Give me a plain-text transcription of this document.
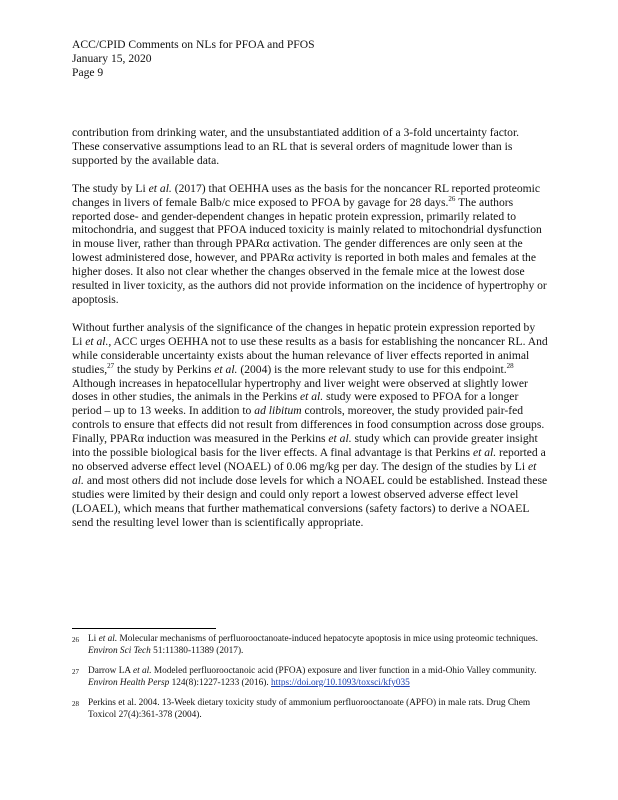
ACC/CPID Comments on NLs for PFOA and PFOS
January 15, 2020
Page 9

contribution from drinking water, and the unsubstantiated addition of a 3-fold uncertainty factor. These conservative assumptions lead to an RL that is several orders of magnitude lower than is supported by the available data.

The study by Li et al. (2017) that OEHHA uses as the basis for the noncancer RL reported proteomic changes in livers of female Balb/c mice exposed to PFOA by gavage for 28 days.$^{26}$ The authors reported dose- and gender-dependent changes in hepatic protein expression, primarily related to mitochondria, and suggest that PFOA induced toxicity is mainly related to mitochondrial dysfunction in mouse liver, rather than through PPARα activation. The gender differences are only seen at the lowest administered dose, however, and PPARα activity is reported in both males and females at the higher doses. It also not clear whether the changes observed in the female mice at the lowest dose resulted in liver toxicity, as the authors did not provide information on the incidence of hypertrophy or apoptosis.

Without further analysis of the significance of the changes in hepatic protein expression reported by Li et al., ACC urges OEHHA not to use these results as a basis for establishing the noncancer RL. And while considerable uncertainty exists about the human relevance of liver effects reported in animal studies,$^{27}$ the study by Perkins et al. (2004) is the more relevant study to use for this endpoint.$^{28}$ Although increases in hepatocellular hypertrophy and liver weight were observed at slightly lower doses in other studies, the animals in the Perkins et al. study were exposed to PFOA for a longer period – up to 13 weeks. In addition to ad libitum controls, moreover, the study provided pair-fed controls to ensure that effects did not result from differences in food consumption across dose groups. Finally, PPARα induction was measured in the Perkins et al. study which can provide greater insight into the possible biological basis for the liver effects. A final advantage is that Perkins et al. reported a no observed adverse effect level (NOAEL) of 0.06 mg/kg per day. The design of the studies by Li et al. and most others did not include dose levels for which a NOAEL could be established. Instead these studies were limited by their design and could only report a lowest observed adverse effect level (LOAEL), which means that further mathematical conversions (safety factors) to derive a NOAEL send the resulting level lower than is scientifically appropriate.

26 Li et al. Molecular mechanisms of perfluorooctanoate-induced hepatocyte apoptosis in mice using proteomic techniques. Environ Sci Tech 51:11380-11389 (2017).
27 Darrow LA et al. Modeled perfluorooctanoic acid (PFOA) exposure and liver function in a mid-Ohio Valley community. Environ Health Persp 124(8):1227-1233 (2016). https://doi.org/10.1093/toxsci/kfy035
28 Perkins et al. 2004. 13-Week dietary toxicity study of ammonium perfluorooctanoate (APFO) in male rats. Drug Chem Toxicol 27(4):361-378 (2004).
